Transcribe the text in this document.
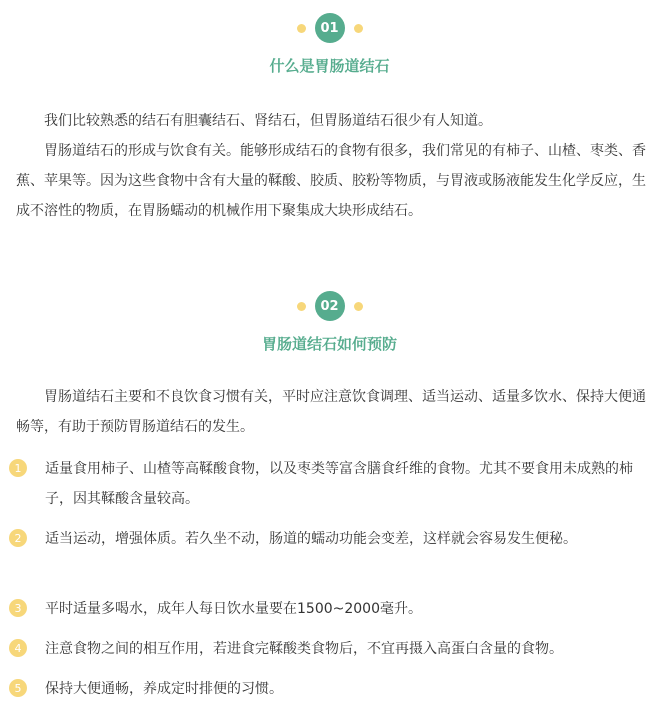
01
什么是胃肠道结石

我们比较熟悉的结石有胆囊结石、肾结石，但胃肠道结石很少有人知道。

胃肠道结石的形成与饮食有关。能够形成结石的食物有很多，我们常见的有柿子、山楂、枣类、香蕉、苹果等。因为这些食物中含有大量的鞣酸、胶质、胶粉等物质，与胃液或肠液能发生化学反应，生成不溶性的物质，在胃肠蠕动的机械作用下聚集成大块形成结石。

02
胃肠道结石如何预防

胃肠道结石主要和不良饮食习惯有关，平时应注意饮食调理、适当运动、适量多饮水、保持大便通畅等，有助于预防胃肠道结石的发生。

1	适量食用柿子、山楂等高鞣酸食物，以及枣类等富含膳食纤维的食物。尤其不要食用未成熟的柿子，因其鞣酸含量较高。

2	适当运动，增强体质。若久坐不动，肠道的蠕动功能会变差，这样就会容易发生便秘。

3	平时适量多喝水，成年人每日饮水量要在1500~2000毫升。

4	注意食物之间的相互作用，若进食完鞣酸类食物后，不宜再摄入高蛋白含量的食物。

5	保持大便通畅，养成定时排便的习惯。
